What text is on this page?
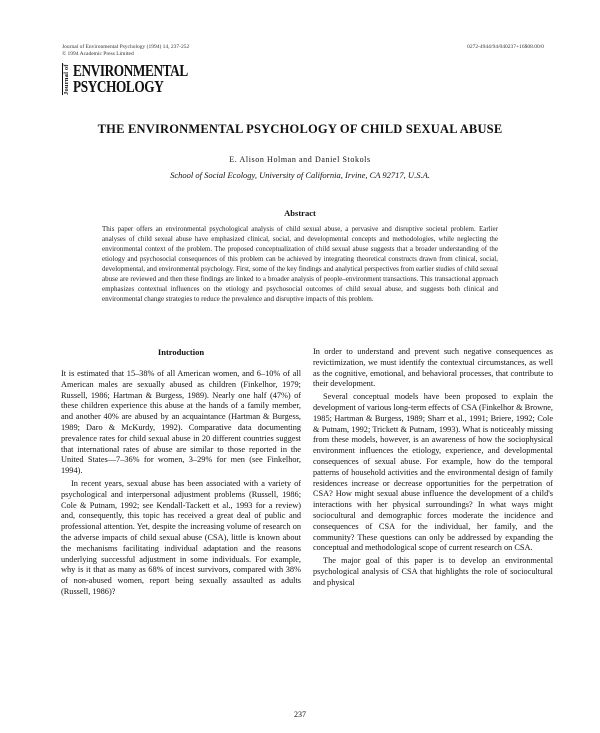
Journal of Environmental Psychology (1994) 14, 237-252
© 1994 Academic Press Limited
0272-4944/94/040237+16$08.00/0
Journal of ENVIRONMENTAL
PSYCHOLOGY
THE ENVIRONMENTAL PSYCHOLOGY OF CHILD SEXUAL ABUSE
E. Alison Holman and Daniel Stokols
School of Social Ecology, University of California, Irvine, CA 92717, U.S.A.
Abstract
This paper offers an environmental psychological analysis of child sexual abuse, a pervasive and disruptive societal problem. Earlier analyses of child sexual abuse have emphasized clinical, social, and developmental concepts and methodologies, while neglecting the environmental context of the problem. The proposed conceptualization of child sexual abuse suggests that a broader understanding of the etiology and psychosocial consequences of this problem can be achieved by integrating theoretical constructs drawn from clinical, social, developmental, and environmental psychology. First, some of the key findings and analytical perspectives from earlier studies of child sexual abuse are reviewed and then these findings are linked to a broader analysis of people–environment transactions. This transactional approach emphasizes contextual influences on the etiology and psychosocial outcomes of child sexual abuse, and suggests both clinical and environmental change strategies to reduce the prevalence and disruptive impacts of this problem.
Introduction

It is estimated that 15–38% of all American women, and 6–10% of all American males are sexually abused as children (Finkelhor, 1979; Russell, 1986; Hartman & Burgess, 1989). Nearly one half (47%) of these children experience this abuse at the hands of a family member, and another 40% are abused by an acquaintance (Hartman & Burgess, 1989; Daro & McKurdy, 1992). Comparative data documenting prevalence rates for child sexual abuse in 20 different countries suggest that international rates of abuse are similar to those reported in the United States—7–36% for women, 3–29% for men (see Finkelhor, 1994).

In recent years, sexual abuse has been associated with a variety of psychological and interpersonal adjustment problems (Russell, 1986; Cole & Putnam, 1992; see Kendall-Tackett et al., 1993 for a review) and, consequently, this topic has received a great deal of public and professional attention. Yet, despite the increasing volume of research on the adverse impacts of child sexual abuse (CSA), little is known about the mechanisms facilitating individual adaptation and the reasons underlying successful adjustment in some individuals. For example, why is it that as many as 68% of incest survivors, compared with 38% of non-abused women, report being sexually assaulted as adults (Russell, 1986)?

In order to understand and prevent such negative consequences as revictimization, we must identify the contextual circumstances, as well as the cognitive, emotional, and behavioral processes, that contribute to their development.

Several conceptual models have been proposed to explain the development of various long-term effects of CSA (Finkelhor & Browne, 1985; Hartman & Burgess, 1989; Sharr et al., 1991; Briere, 1992; Cole & Putnam, 1992; Trickett & Putnam, 1993). What is noticeably missing from these models, however, is an awareness of how the sociophysical environment influences the etiology, experience, and developmental consequences of sexual abuse. For example, how do the temporal patterns of household activities and the environmental design of family residences increase or decrease opportunities for the perpetration of CSA? How might sexual abuse influence the development of a child's interactions with her physical surroundings? In what ways might sociocultural and demographic forces moderate the incidence and consequences of CSA for the individual, her family, and the community? These questions can only be addressed by expanding the conceptual and methodological scope of current research on CSA.

The major goal of this paper is to develop an environmental psychological analysis of CSA that highlights the role of sociocultural and physical

237
